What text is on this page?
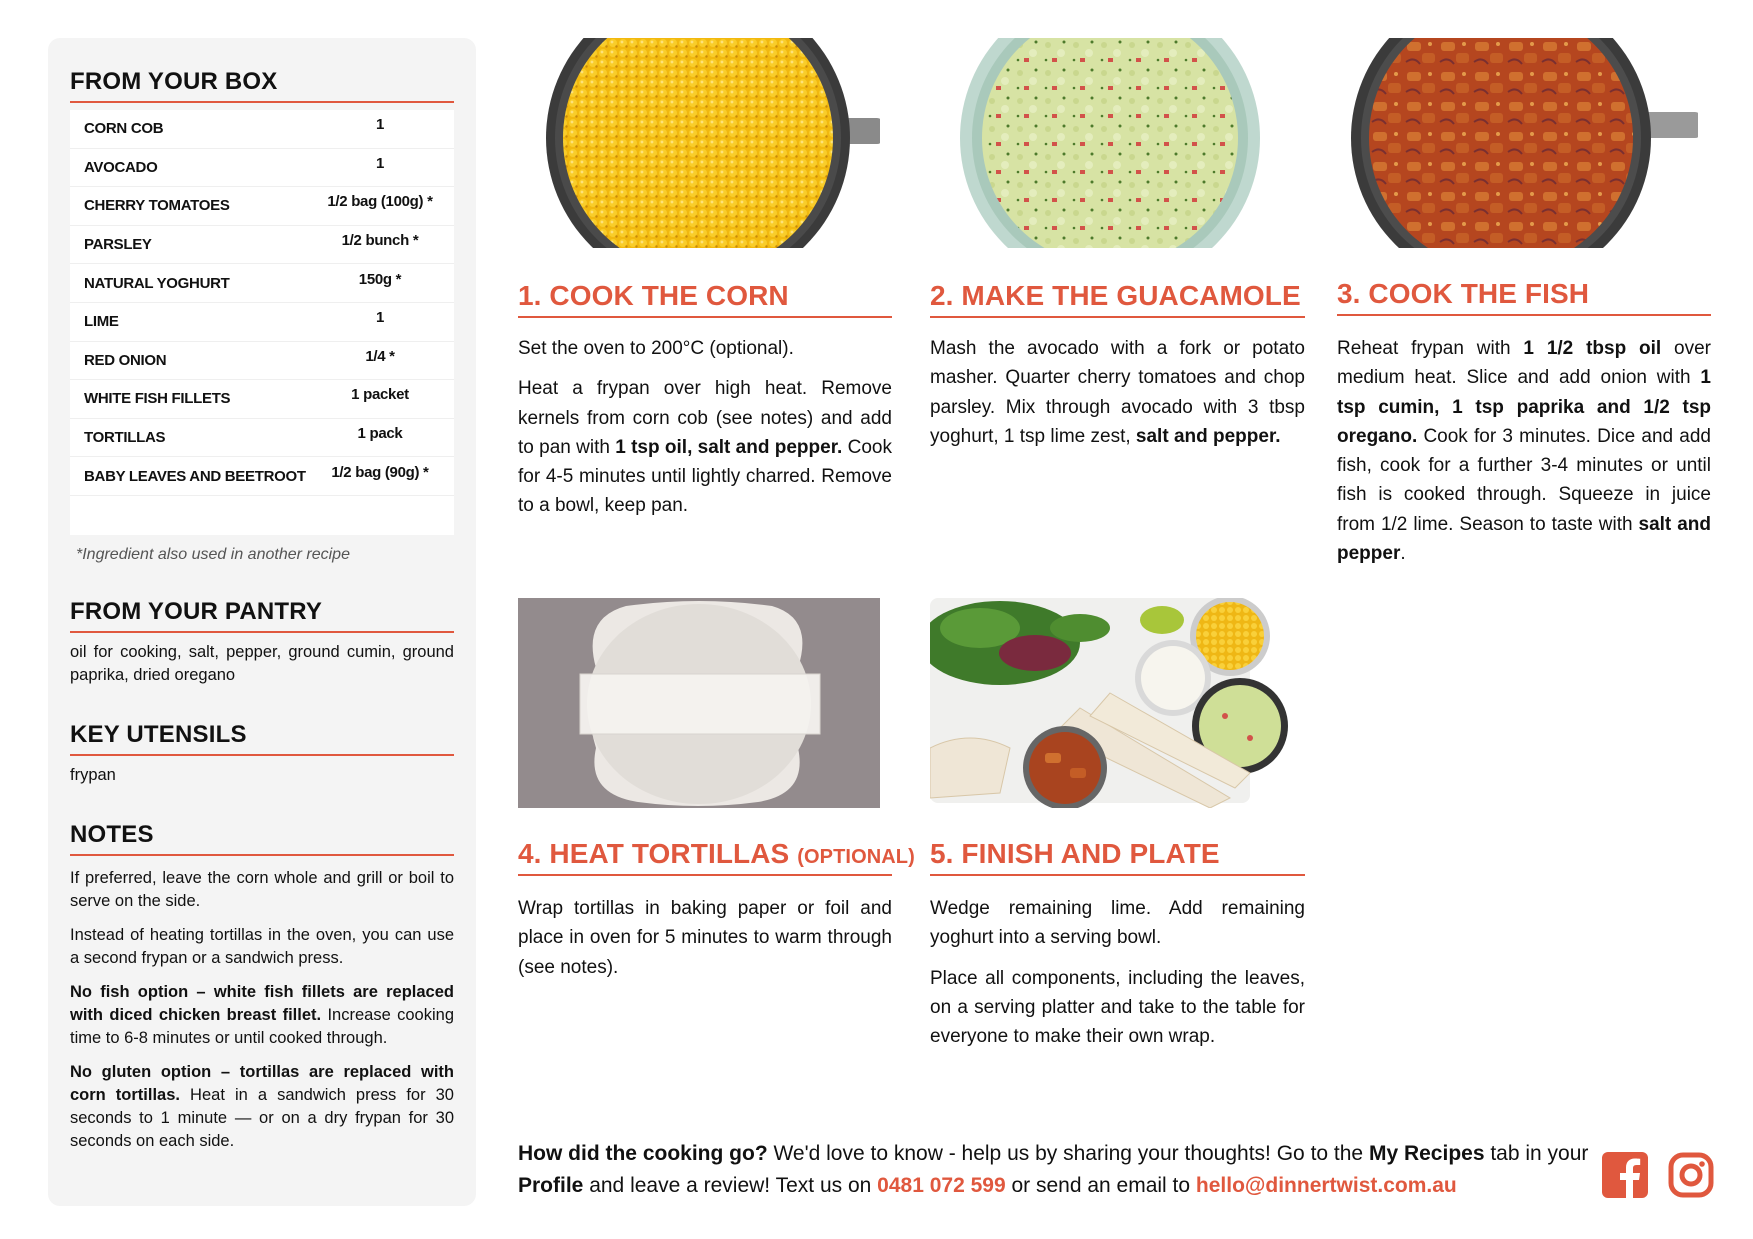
FROM YOUR BOX
CORN COB	1
AVOCADO	1
CHERRY TOMATOES	1/2 bag (100g) *
PARSLEY	1/2 bunch *
NATURAL YOGHURT	150g *
LIME	1
RED ONION	1/4 *
WHITE FISH FILLETS	1 packet
TORTILLAS	1 pack
BABY LEAVES AND BEETROOT	1/2 bag (90g) *
*Ingredient also used in another recipe
FROM YOUR PANTRY
oil for cooking, salt, pepper, ground cumin, ground paprika, dried oregano
KEY UTENSILS
frypan
NOTES
If preferred, leave the corn whole and grill or boil to serve on the side.
Instead of heating tortillas in the oven, you can use a second frypan or a sandwich press.
No fish option – white fish fillets are replaced with diced chicken breast fillet. Increase cooking time to 6-8 minutes or until cooked through.
No gluten option – tortillas are replaced with corn tortillas. Heat in a sandwich press for 30 seconds to 1 minute — or on a dry frypan for 30 seconds on each side.
1. COOK THE CORN

Set the oven to 200°C (optional).

Heat a frypan over high heat. Remove kernels from corn cob (see notes) and add to pan with 1 tsp oil, salt and pepper. Cook for 4-5 minutes until lightly charred. Remove to a bowl, keep pan.

2. MAKE THE GUACAMOLE

Mash the avocado with a fork or potato masher. Quarter cherry tomatoes and chop parsley. Mix through avocado with 3 tbsp yoghurt, 1 tsp lime zest, salt and pepper.

3. COOK THE FISH

Reheat frypan with 1 1/2 tbsp oil over medium heat. Slice and add onion with 1 tsp cumin, 1 tsp paprika and 1/2 tsp oregano. Cook for 3 minutes. Dice and add fish, cook for a further 3-4 minutes or until fish is cooked through. Squeeze in juice from 1/2 lime. Season to taste with salt and pepper.

4. HEAT TORTILLAS (OPTIONAL)

Wrap tortillas in baking paper or foil and place in oven for 5 minutes to warm through (see notes).

5. FINISH AND PLATE

Wedge remaining lime. Add remaining yoghurt into a serving bowl.

Place all components, including the leaves, on a serving platter and take to the table for everyone to make their own wrap.

How did the cooking go? We'd love to know - help us by sharing your thoughts! Go to the My Recipes tab in your Profile and leave a review! Text us on 0481 072 599 or send an email to hello@dinnertwist.com.au
